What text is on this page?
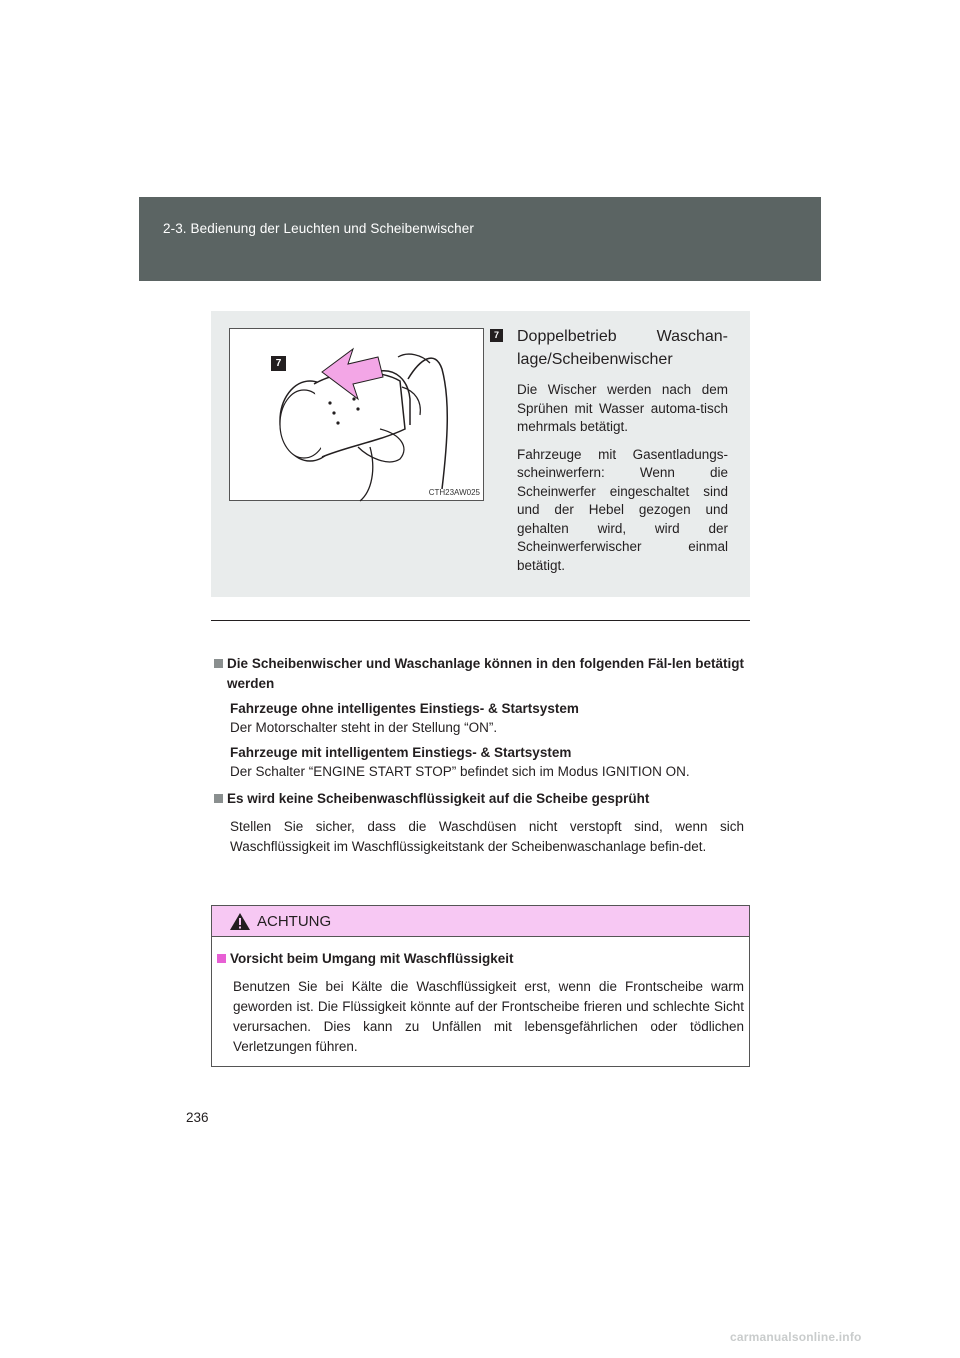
2-3. Bedienung der Leuchten und Scheibenwischer
7
CTH23AW025
7 Doppelbetrieb Waschan-lage/Scheibenwischer

Die Wischer werden nach dem Sprühen mit Wasser automa-tisch mehrmals betätigt.

Fahrzeuge mit Gasentladungs-scheinwerfern: Wenn die Scheinwerfer eingeschaltet sind und der Hebel gezogen und gehalten wird, wird der Scheinwerferwischer einmal betätigt.

Die Scheibenwischer und Waschanlage können in den folgenden Fäl-len betätigt werden

Fahrzeuge ohne intelligentes Einstiegs- & Startsystem

Der Motorschalter steht in der Stellung “ON”.

Fahrzeuge mit intelligentem Einstiegs- & Startsystem

Der Schalter “ENGINE START STOP” befindet sich im Modus IGNITION ON.

Es wird keine Scheibenwaschflüssigkeit auf die Scheibe gesprüht

Stellen Sie sicher, dass die Waschdüsen nicht verstopft sind, wenn sich Waschflüssigkeit im Waschflüssigkeitstank der Scheibenwaschanlage befin-det.

ACHTUNG

Vorsicht beim Umgang mit Waschflüssigkeit

Benutzen Sie bei Kälte die Waschflüssigkeit erst, wenn die Frontscheibe warm geworden ist. Die Flüssigkeit könnte auf der Frontscheibe frieren und schlechte Sicht verursachen. Dies kann zu Unfällen mit lebensgefährlichen oder tödlichen Verletzungen führen.

236
carmanualsonline.info
